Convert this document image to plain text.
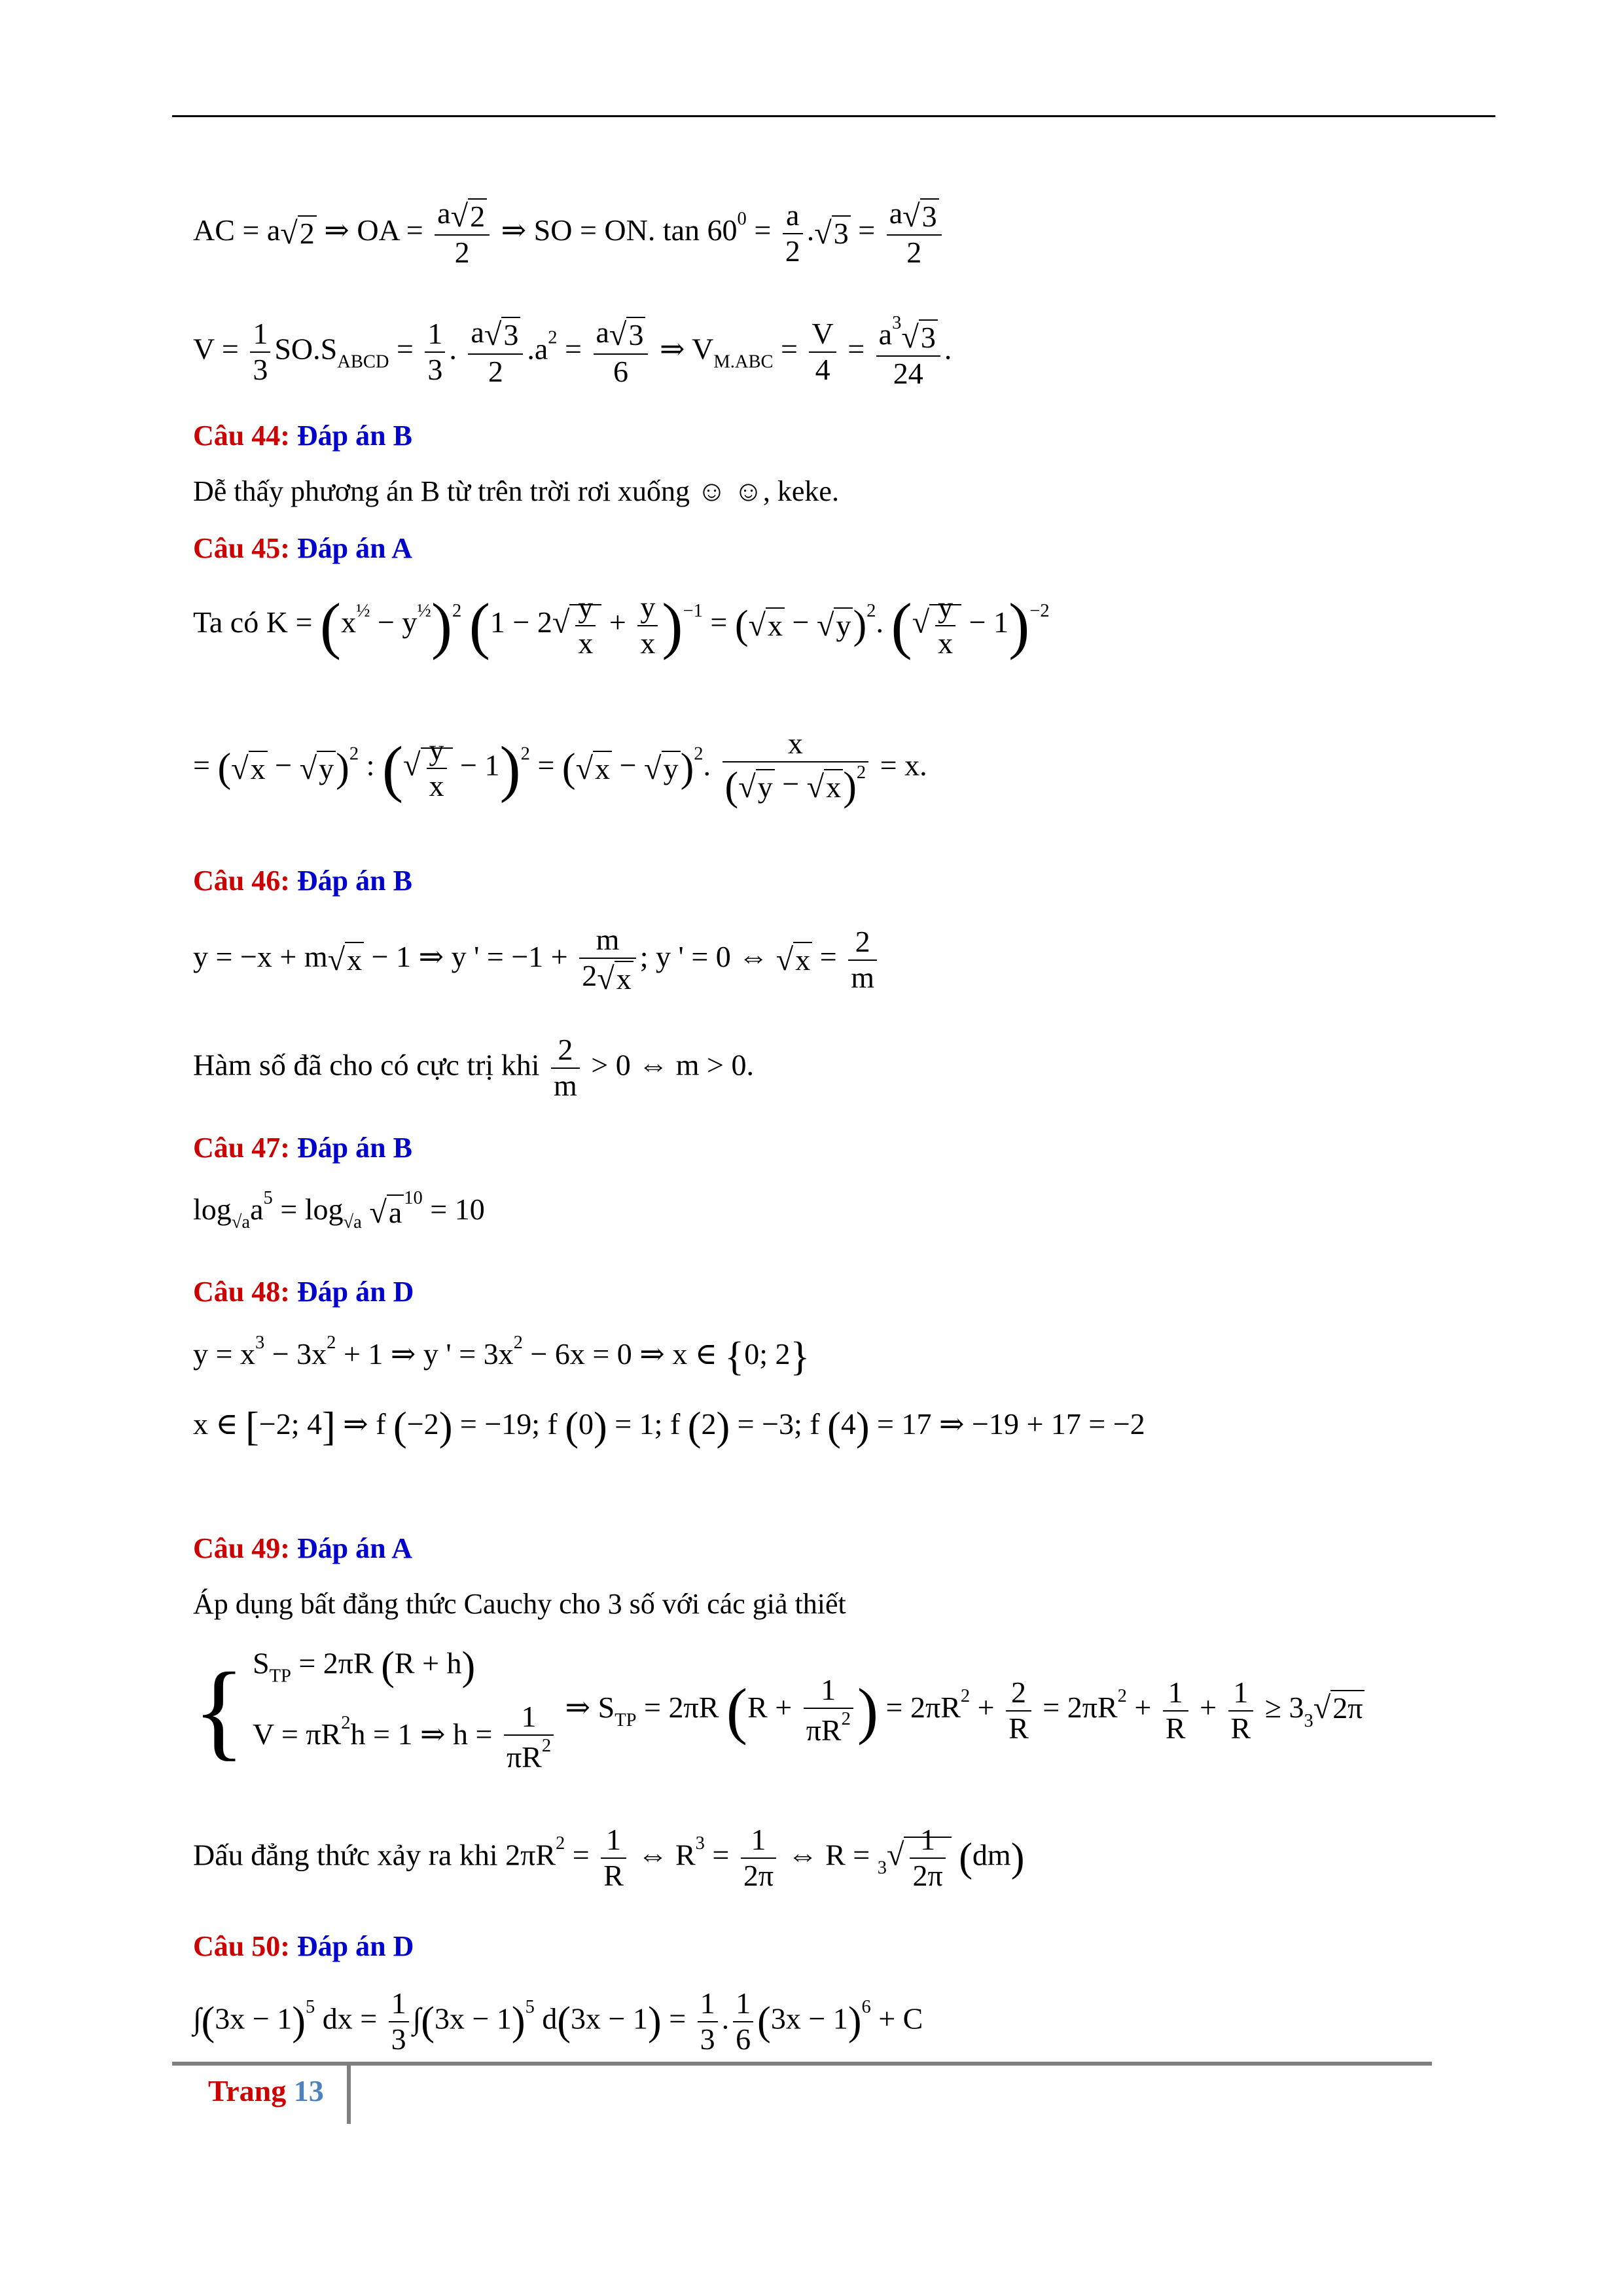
AC = a√2 ⇒ OA = $\frac{a√2}{2}$ ⇒ SO = ON. $\tan 60^0 = \frac{a}{2} .√3 = \frac{a√3}{2}$
$V = \frac{1}{3} SO.S_{ABCD} = \frac{1}{3}$ . $\frac{a√3}{2} .a^2 = \frac{a√3}{6}$ ⇒ $V_{M.ABC} = \frac{V}{4} = \frac{a^3√3}{24}$ .
Câu 44: Đáp án B
Dễ thấy phương án B từ trên trời rơi xuống ☺ ☺, keke.
Câu 45: Đáp án A
Ta có $K = (x^{\frac{1}{2}} - y^{\frac{1}{2}})^2$ $(1 - 2√ \frac{y}{x} + \frac{y}{x} )^{-1} = (√x - √y)^2$. (√ $\frac{y}{x} - 1)^{-2}$
= $(√x - √y)^2$ : (√ $\frac{y}{x} - 1)^2 = (√x - √y)^2$. $\frac{x}{(√y - √x)^2} = x$.
Câu 46: Đáp án B
y = −x + m√x − 1 ⇒ y ' = $-1 + \frac{m}{2√x}$ ; y ' = 0 ⇔ $√x = \frac{2}{m}$
Hàm số đã cho có cực trị khi $\frac{2}{m} > 0$ ⇔ m > 0.
Câu 47: Đáp án B
$\log_{√a}a^5 = \log_{√a} √a$ $^{10}$ = 10
Câu 48: Đáp án D
$y = x^3 - 3x^2 + 1$ ⇒ y ' = $3x^2 - 6x = 0$ ⇒ x ∈ {0; 2}
x ∈ [−2; 4] ⇒ f (−2) = −19; f (0) = 1; f (2) = −3; f (4) = 17 ⇒ −19 + 17 = −2
Câu 49: Đáp án A
Áp dụng bất đẳng thức Cauchy cho 3 số với các giả thiết
{ $S_{TP} = 2\pi R$ (R + h)
$V = \pi R^2h = 1$ ⇒ $h = \frac{1}{\pi R^2}$ ⇒ $S_{TP} = 2\pi R$ ($R + \frac{1}{\pi R^2}$ ) = $2\pi R^2 + \frac{2}{R} = 2\pi R^2 + \frac{1}{R} + \frac{1}{R} \ge 3_3√2\pi$
Dấu đẳng thức xảy ra khi $2\pi R^2 = \frac{1}{R}$ ⇔ $R^3 = \frac{1}{2\pi}$ ⇔ $R = _3√ \frac{1}{2\pi} (dm)$
Câu 50: Đáp án D
$\int(3x - 1)^5$ dx = $\frac{1}{3} \int(3x - 1)^5$ $d(3x - 1) = \frac{1}{3}$ . $\frac{1}{6} (3x - 1)^6 + C$
Trang 13
